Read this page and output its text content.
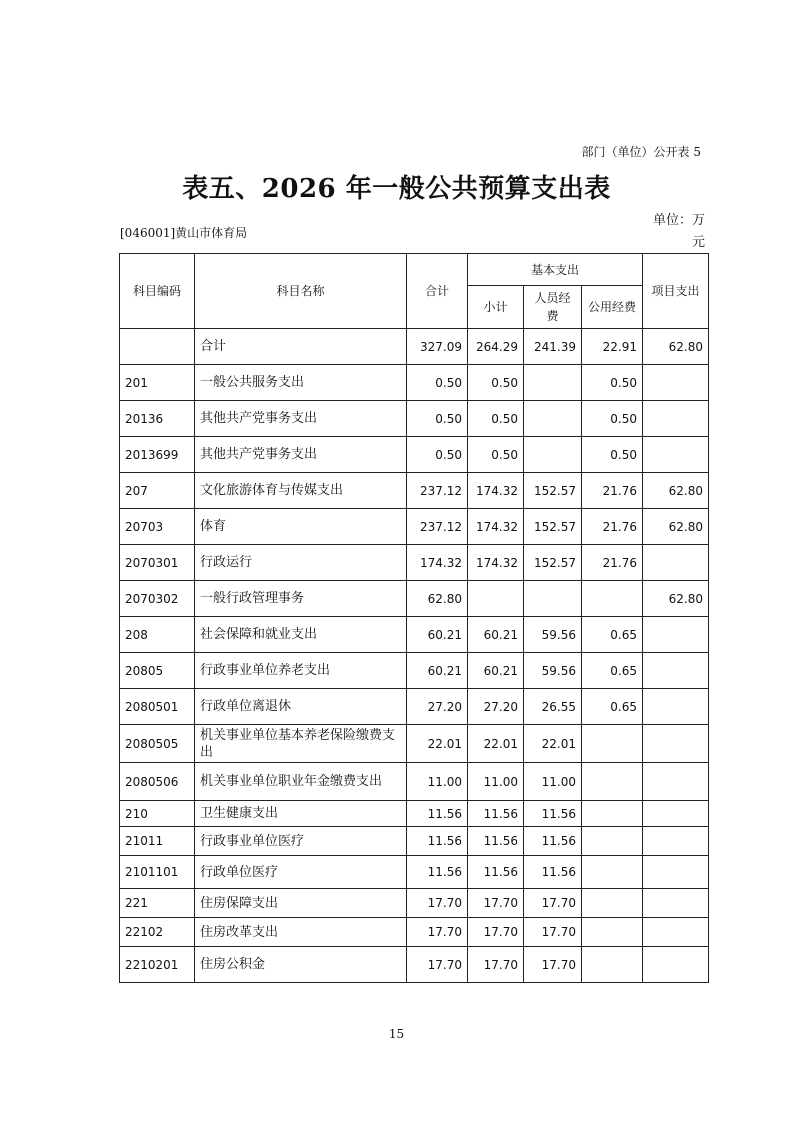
部门（单位）公开表 5
表五、2026 年一般公共预算支出表
[046001]黄山市体育局
单位：万
元
科目编码	科目名称	合计	基本支出			项目支出
			小计	人员经费	公用经费	
	合计	327.09	264.29	241.39	22.91	62.80
201	一般公共服务支出	0.50	0.50		0.50	
20136	其他共产党事务支出	0.50	0.50		0.50	
2013699	其他共产党事务支出	0.50	0.50		0.50	
207	文化旅游体育与传媒支出	237.12	174.32	152.57	21.76	62.80
20703	体育	237.12	174.32	152.57	21.76	62.80
2070301	行政运行	174.32	174.32	152.57	21.76	
2070302	一般行政管理事务	62.80				62.80
208	社会保障和就业支出	60.21	60.21	59.56	0.65	
20805	行政事业单位养老支出	60.21	60.21	59.56	0.65	
2080501	行政单位离退休	27.20	27.20	26.55	0.65	
2080505	机关事业单位基本养老保险缴费支出	22.01	22.01	22.01		
2080506	机关事业单位职业年金缴费支出	11.00	11.00	11.00		
210	卫生健康支出	11.56	11.56	11.56		
21011	行政事业单位医疗	11.56	11.56	11.56		
2101101	行政单位医疗	11.56	11.56	11.56		
221	住房保障支出	17.70	17.70	17.70		
22102	住房改革支出	17.70	17.70	17.70		
2210201	住房公积金	17.70	17.70	17.70		
15
